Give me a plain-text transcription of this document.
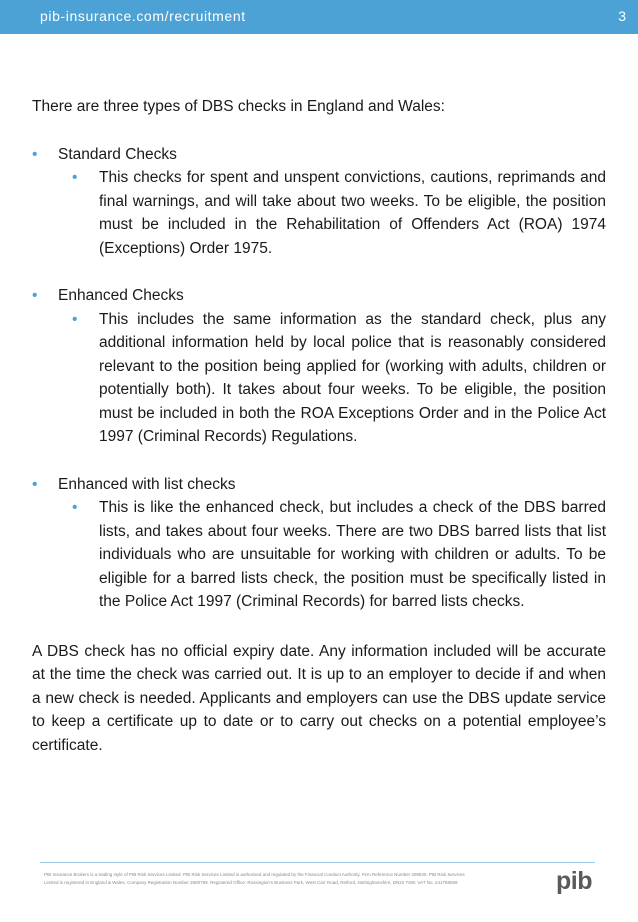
pib-insurance.com/recruitment	3

There are three types of DBS checks in England and Wales:

•	Standard Checks
•	This checks for spent and unspent convictions, cautions, reprimands and final warnings, and will take about two weeks. To be eligible, the position must be included in the Rehabilitation of Offenders Act (ROA) 1974 (Exceptions) Order 1975.
•	Enhanced Checks
•	This includes the same information as the standard check, plus any additional information held by local police that is reasonably considered relevant to the position being applied for (working with adults, children or potentially both). It takes about four weeks. To be eligible, the position must be included in both the ROA Exceptions Order and in the Police Act 1997 (Criminal Records) Regulations.
•	Enhanced with list checks
•	This is like the enhanced check, but includes a check of the DBS barred lists, and takes about four weeks. There are two DBS barred lists that list individuals who are unsuitable for working with children or adults. To be eligible for a barred lists check, the position must be specifically listed in the Police Act 1997 (Criminal Records) for barred lists checks.

A DBS check has no official expiry date. Any information included will be accurate at the time the check was carried out. It is up to an employer to decide if and when a new check is needed. Applicants and employers can use the DBS update service to keep a certificate up to date or to carry out checks on a potential employee’s certificate.

PIB Insurance Brokers is a trading style of PIB Risk Services Limited. PIB Risk Services Limited is authorised and regulated by the Financial Conduct Authority. Firm Reference Number 309530. PIB Risk Services
Limited is registered in England & Wales. Company Registration Number 2660769. Registered Office: Rossington’s Business Park, West Carr Road, Retford, Nottinghamshire, DN22 7SW. VAT No. 241758559	pib
